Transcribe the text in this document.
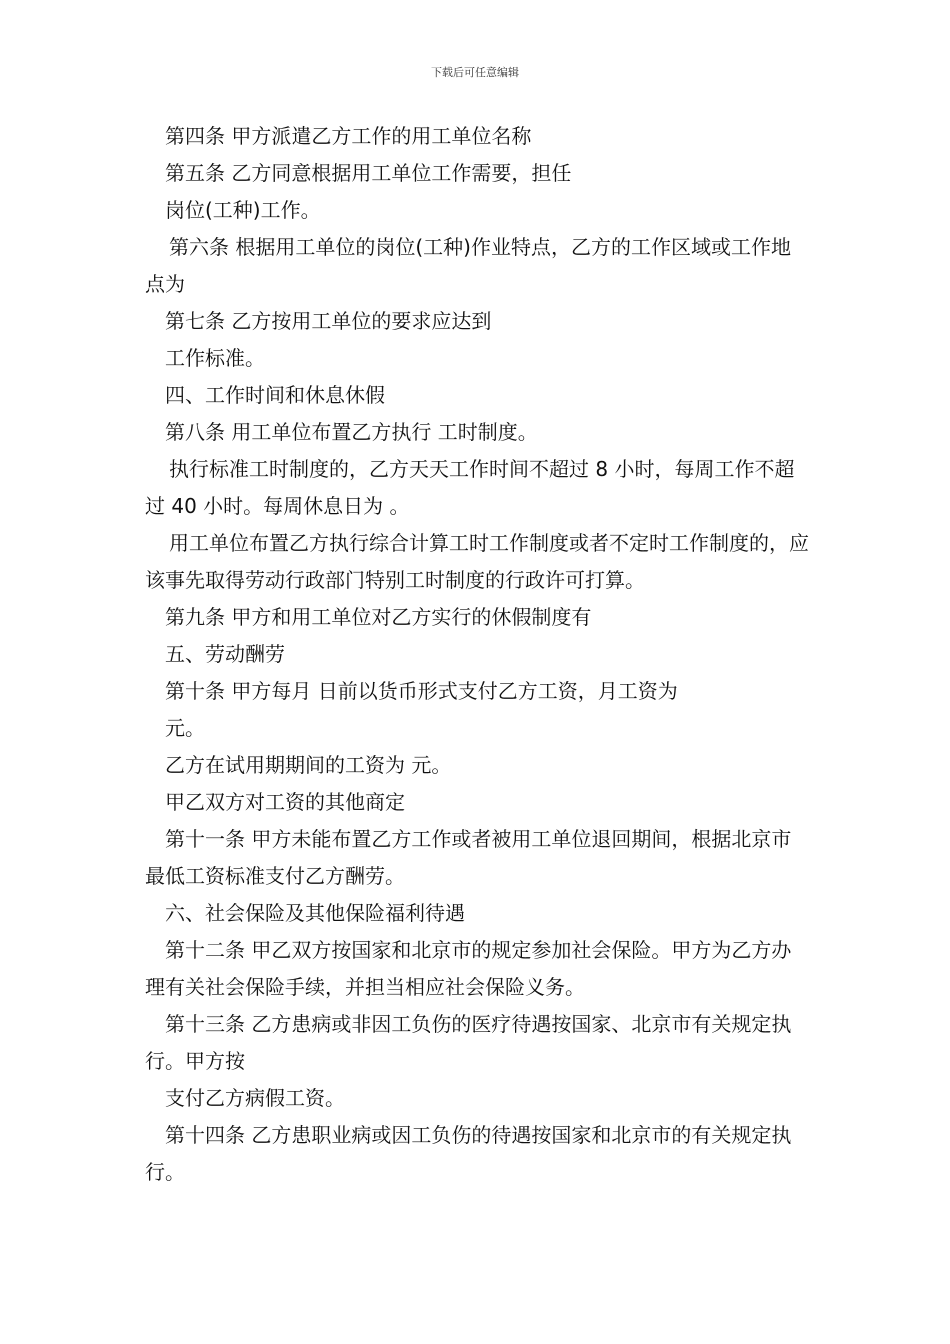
下载后可任意编辑

第四条 甲方派遣乙方工作的用工单位名称

第五条 乙方同意根据用工单位工作需要，担任

岗位(工种)工作。

第六条 根据用工单位的岗位(工种)作业特点，乙方的工作区域或工作地点为

第七条 乙方按用工单位的要求应达到

工作标准。

四、工作时间和休息休假

第八条 用工单位布置乙方执行 工时制度。

执行标准工时制度的，乙方天天工作时间不超过 8 小时，每周工作不超过 40 小时。每周休息日为 。

用工单位布置乙方执行综合计算工时工作制度或者不定时工作制度的，应该事先取得劳动行政部门特别工时制度的行政许可打算。

第九条 甲方和用工单位对乙方实行的休假制度有

五、劳动酬劳

第十条 甲方每月 日前以货币形式支付乙方工资，月工资为

元。

乙方在试用期期间的工资为 元。

甲乙双方对工资的其他商定

第十一条 甲方未能布置乙方工作或者被用工单位退回期间，根据北京市最低工资标准支付乙方酬劳。

六、社会保险及其他保险福利待遇

第十二条 甲乙双方按国家和北京市的规定参加社会保险。甲方为乙方办理有关社会保险手续，并担当相应社会保险义务。

第十三条 乙方患病或非因工负伤的医疗待遇按国家、北京市有关规定执行。甲方按

支付乙方病假工资。

第十四条 乙方患职业病或因工负伤的待遇按国家和北京市的有关规定执行。
